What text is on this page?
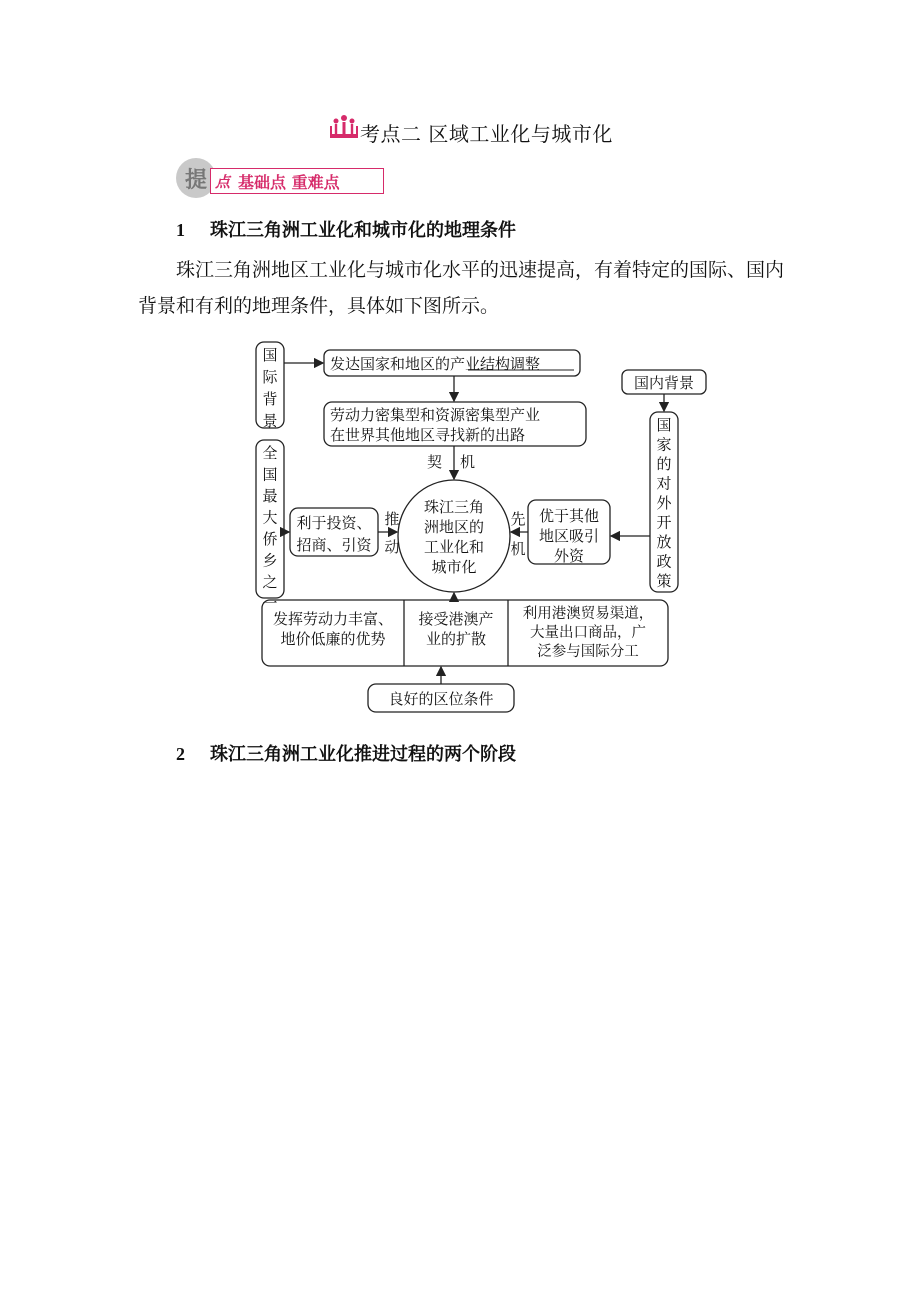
考点二 区域工业化与城市化
提 点 基础点 重难点
1 珠江三角洲工业化和城市化的地理条件
珠江三角洲地区工业化与城市化水平的迅速提高，有着特定的国际、国内背景和有利的地理条件，具体如下图所示。
国
际
背
景
发达国家和地区的产业结构调整
劳动力密集型和资源密集型产业
在世界其他地区寻找新的出路
契 机
全
国
最
大
侨
乡
之
一
利于投资、
招商、引资
推
动
珠江三角
洲地区的
工业化和
城市化
先
机
优于其他
地区吸引
外资
国内背景
国
家
的
对
外
开
放
政
策
发挥劳动力丰富、
地价低廉的优势
接受港澳产
业的扩散
利用港澳贸易渠道，
大量出口商品，广
泛参与国际分工
良好的区位条件
2 珠江三角洲工业化推进过程的两个阶段
